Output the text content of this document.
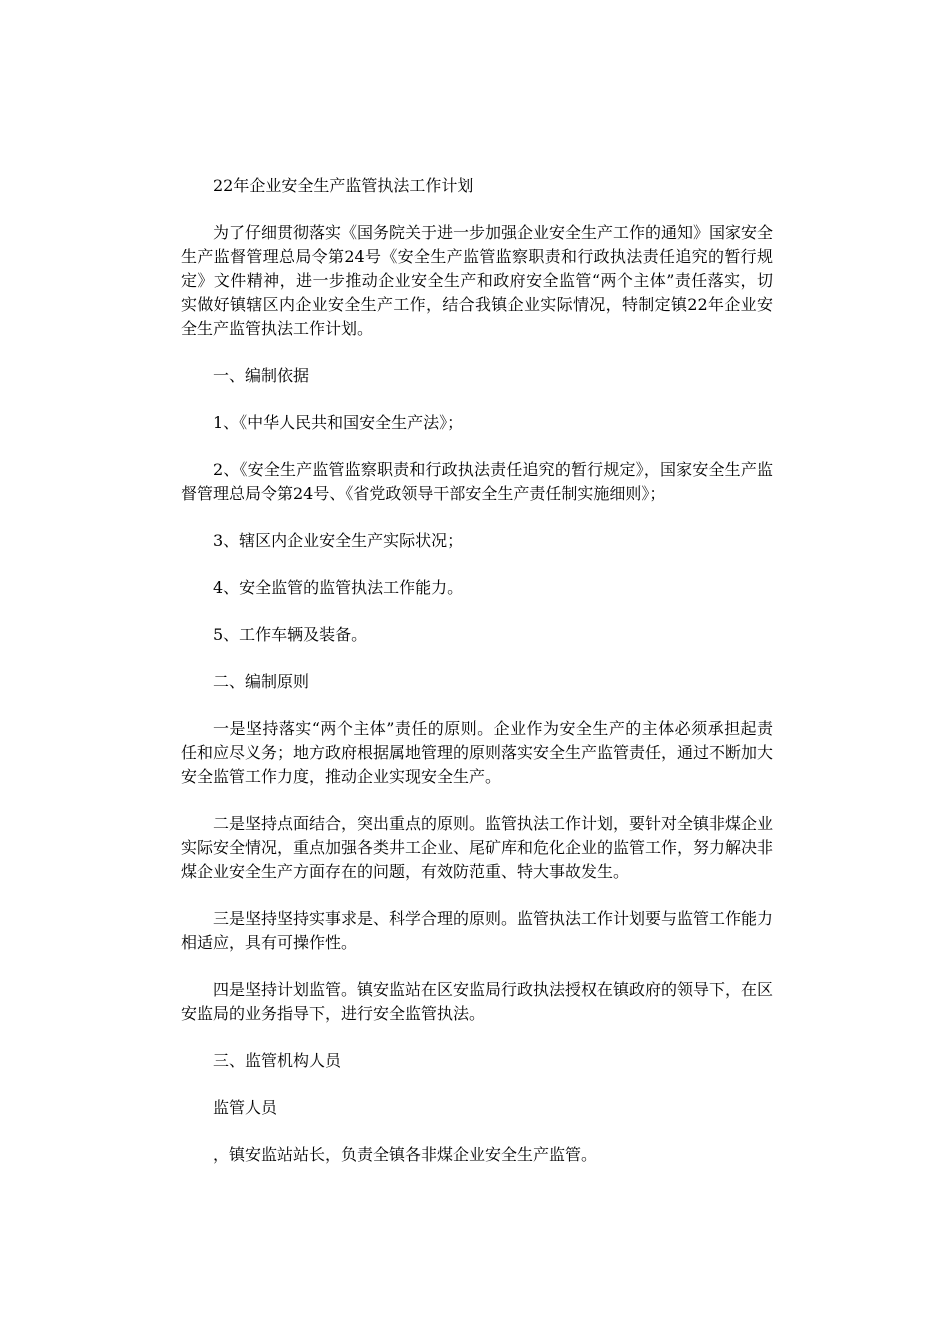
22年企业安全生产监管执法工作计划
为了仔细贯彻落实《国务院关于进一步加强企业安全生产工作的通知》国家安全生产监督管理总局令第24号《安全生产监管监察职责和行政执法责任追究的暂行规定》文件精神，进一步推动企业安全生产和政府安全监管“两个主体”责任落实，切实做好镇辖区内企业安全生产工作，结合我镇企业实际情况，特制定镇22年企业安全生产监管执法工作计划。
一、编制依据
1、《中华人民共和国安全生产法》；
2、《安全生产监管监察职责和行政执法责任追究的暂行规定》，国家安全生产监督管理总局令第24号、《省党政领导干部安全生产责任制实施细则》；
3、辖区内企业安全生产实际状况；
4、安全监管的监管执法工作能力。
5、工作车辆及装备。
二、编制原则
一是坚持落实“两个主体”责任的原则。企业作为安全生产的主体必须承担起责任和应尽义务；地方政府根据属地管理的原则落实安全生产监管责任，通过不断加大安全监管工作力度，推动企业实现安全生产。
二是坚持点面结合，突出重点的原则。监管执法工作计划，要针对全镇非煤企业实际安全情况，重点加强各类井工企业、尾矿库和危化企业的监管工作，努力解决非煤企业安全生产方面存在的问题，有效防范重、特大事故发生。
三是坚持坚持实事求是、科学合理的原则。监管执法工作计划要与监管工作能力相适应，具有可操作性。
四是坚持计划监管。镇安监站在区安监局行政执法授权在镇政府的领导下，在区安监局的业务指导下，进行安全监管执法。
三、监管机构人员
监管人员
，镇安监站站长，负责全镇各非煤企业安全生产监管。
